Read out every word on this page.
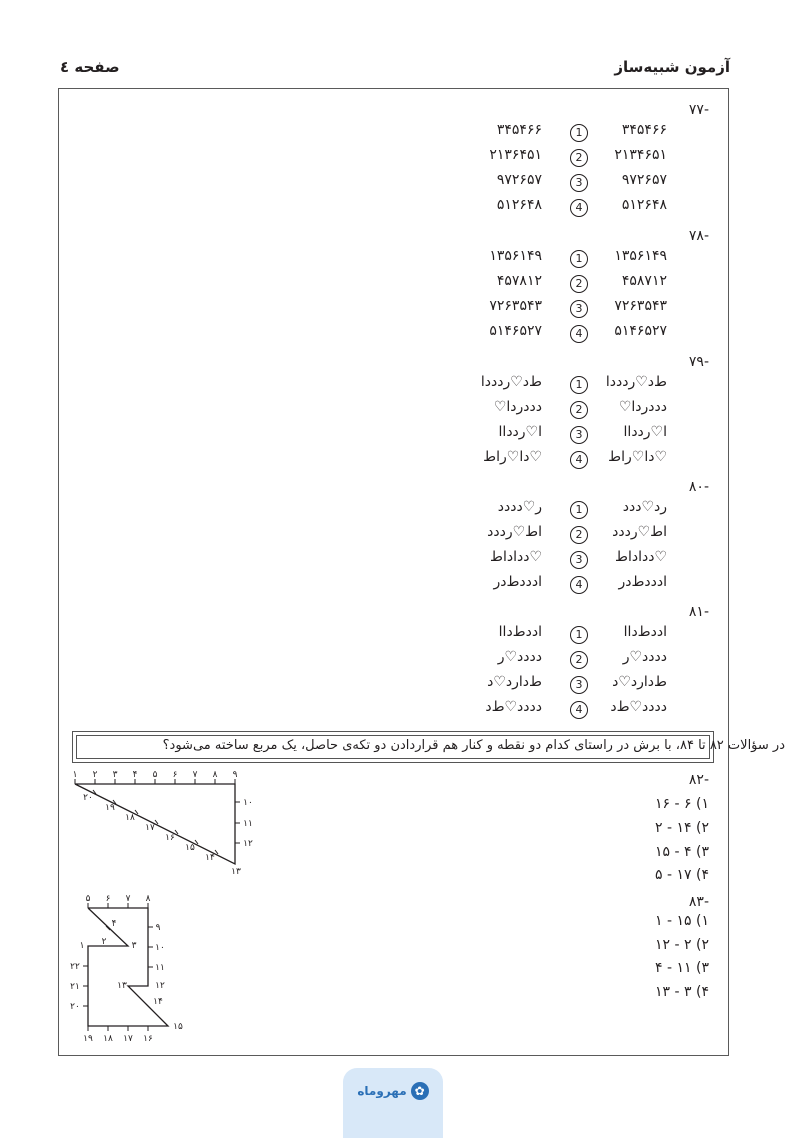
آزمون شبیه‌ساز
صفحه ٤
-۷۷
۳۴۵۴۶۶	1	۳۴۵۴۶۶
۲۱۳۶۴۵۱	2	۲۱۳۴۶۵۱
۹۷۲۶۵۷	3	۹۷۲۶۵۷
۵۱۲۶۴۸	4	۵۱۲۶۴۸
-۷۸
۱۳۵۶۱۴۹	1	۱۳۵۶۱۴۹
۴۵۷۸۱۲	2	۴۵۸۷۱۲
۷۲۶۳۵۴۳	3	۷۲۶۳۵۴۳
۵۱۴۶۵۲۷	4	۵۱۴۶۵۲۷
-۷۹
ﻁﺩ♡ﺭﺩﺩﺩﺍ	1	ﻁﺩ♡ﺭﺩﺩﺩﺍ
ﺩﺩﺩﺭﺩﺍ♡	2	ﺩﺩﺩﺭﺩﺍ♡
ﺍ♡ﺭﺩﺩﺍﺍ	3	ﺍ♡ﺭﺩﺩﺍﺍ
♡ﺩﺍ♡ﺭﺍﻁ	4	♡ﺩﺍ♡ﺭﺍﻁ
-۸۰
ﺭ♡ﺩﺩﺩﺩ	1	ﺭﺩ♡ﺩﺩﺩ
ﺍﻁ♡ﺭﺩﺩﺩ	2	ﺍﻁ♡ﺭﺩﺩﺩ
♡ﺩﺩﺍﺩﺍﻁ	3	♡ﺩﺩﺍﺩﺍﻁ
ﺍﺩﺩﺩﻁﺩﺭ	4	ﺍﺩﺩﺩﻁﺩﺭ
-۸۱
ﺍﺩﺩﻁﺩﺍﺍ	1	ﺍﺩﺩﻁﺩﺍﺍ
ﺩﺩﺩﺩ♡ﺭ	2	ﺩﺩﺩﺩ♡ﺭ
ﻁﺩﺍﺭﺩ♡ﺩ	3	ﻁﺩﺍﺭﺩ♡ﺩ
ﺩﺩﺩﺩ♡ﻁﺩ	4	ﺩﺩﺩﺩ♡ﻁﺩ
در سؤالات ۸۲ تا ۸۴، با برش در راستای کدام دو نقطه و کنار هم قراردادن دو تکه‌ی حاصل، یک مربع ساخته می‌شود؟
-۸۲
۱) ۶ - ۱۶
۲) ۱۴ - ۲
۳) ۴ - ۱۵
۴) ۱۷ - ۵
۱ ۲ ۳ ۴ ۵ ۶ ۷ ۸ ۹
۱۰
۱۱
۱۲
۱۳
۲۰
۱۹
۱۸
۱۷
۱۶
۱۵
۱۴
-۸۳
۱) ۱۵ - ۱
۲) ۲ - ۱۲
۳) ۱۱ - ۴
۴) ۳ - ۱۳
۵ ۶ ۷ ۸
۴
۳
۲
۱
۹
۱۰
۱۱
۱۲
۱۳
۱۴
۱۵
۲۲
۲۱
۲۰
۱۹ ۱۸ ۱۷ ۱۶
مهروماه ✿
